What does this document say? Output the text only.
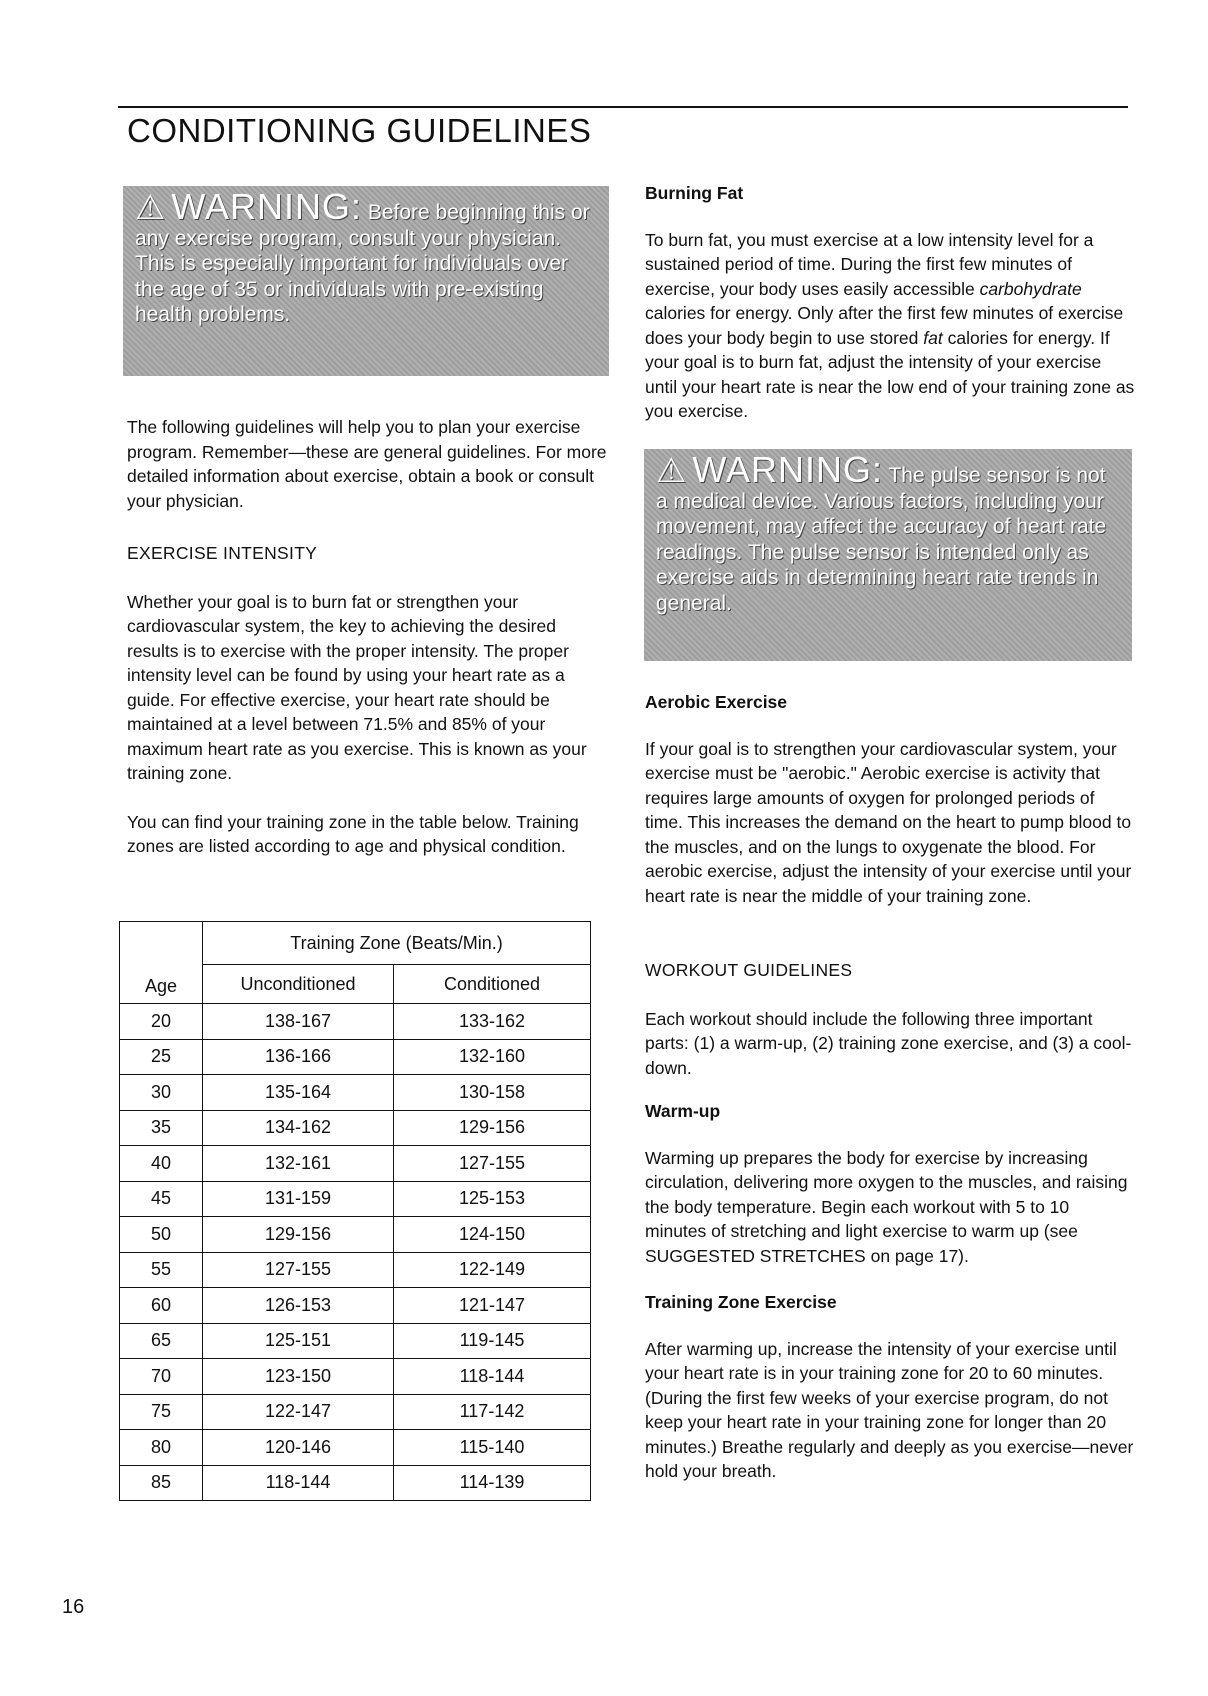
CONDITIONING GUIDELINES
⚠ WARNING: Before beginning this or any exercise program, consult your physician. This is especially important for individuals over the age of 35 or individuals with pre-existing health problems.

The following guidelines will help you to plan your exercise program. Remember—these are general guidelines. For more detailed information about exercise, obtain a book or consult your physician.

EXERCISE INTENSITY

Whether your goal is to burn fat or strengthen your cardiovascular system, the key to achieving the desired results is to exercise with the proper intensity. The proper intensity level can be found by using your heart rate as a guide. For effective exercise, your heart rate should be maintained at a level between 71.5% and 85% of your maximum heart rate as you exercise. This is known as your training zone.

You can find your training zone in the table below. Training zones are listed according to age and physical condition.

Age	Training Zone (Beats/Min.)	
	Unconditioned	Conditioned
20	138-167	133-162
25	136-166	132-160
30	135-164	130-158
35	134-162	129-156
40	132-161	127-155
45	131-159	125-153
50	129-156	124-150
55	127-155	122-149
60	126-153	121-147
65	125-151	119-145
70	123-150	118-144
75	122-147	117-142
80	120-146	115-140
85	118-144	114-139
16

Burning Fat

To burn fat, you must exercise at a low intensity level for a sustained period of time. During the first few minutes of exercise, your body uses easily accessible carbohydrate calories for energy. Only after the first few minutes of exercise does your body begin to use stored fat calories for energy. If your goal is to burn fat, adjust the intensity of your exercise until your heart rate is near the low end of your training zone as you exercise.

⚠ WARNING: The pulse sensor is not a medical device. Various factors, including your movement, may affect the accuracy of heart rate readings. The pulse sensor is intended only as exercise aids in determining heart rate trends in general.

Aerobic Exercise

If your goal is to strengthen your cardiovascular system, your exercise must be "aerobic." Aerobic exercise is activity that requires large amounts of oxygen for prolonged periods of time. This increases the demand on the heart to pump blood to the muscles, and on the lungs to oxygenate the blood. For aerobic exercise, adjust the intensity of your exercise until your heart rate is near the middle of your training zone.

WORKOUT GUIDELINES

Each workout should include the following three important parts: (1) a warm-up, (2) training zone exercise, and (3) a cool-down.

Warm-up

Warming up prepares the body for exercise by increasing circulation, delivering more oxygen to the muscles, and raising the body temperature. Begin each workout with 5 to 10 minutes of stretching and light exercise to warm up (see SUGGESTED STRETCHES on page 17).

Training Zone Exercise

After warming up, increase the intensity of your exercise until your heart rate is in your training zone for 20 to 60 minutes. (During the first few weeks of your exercise program, do not keep your heart rate in your training zone for longer than 20 minutes.) Breathe regularly and deeply as you exercise—never hold your breath.
